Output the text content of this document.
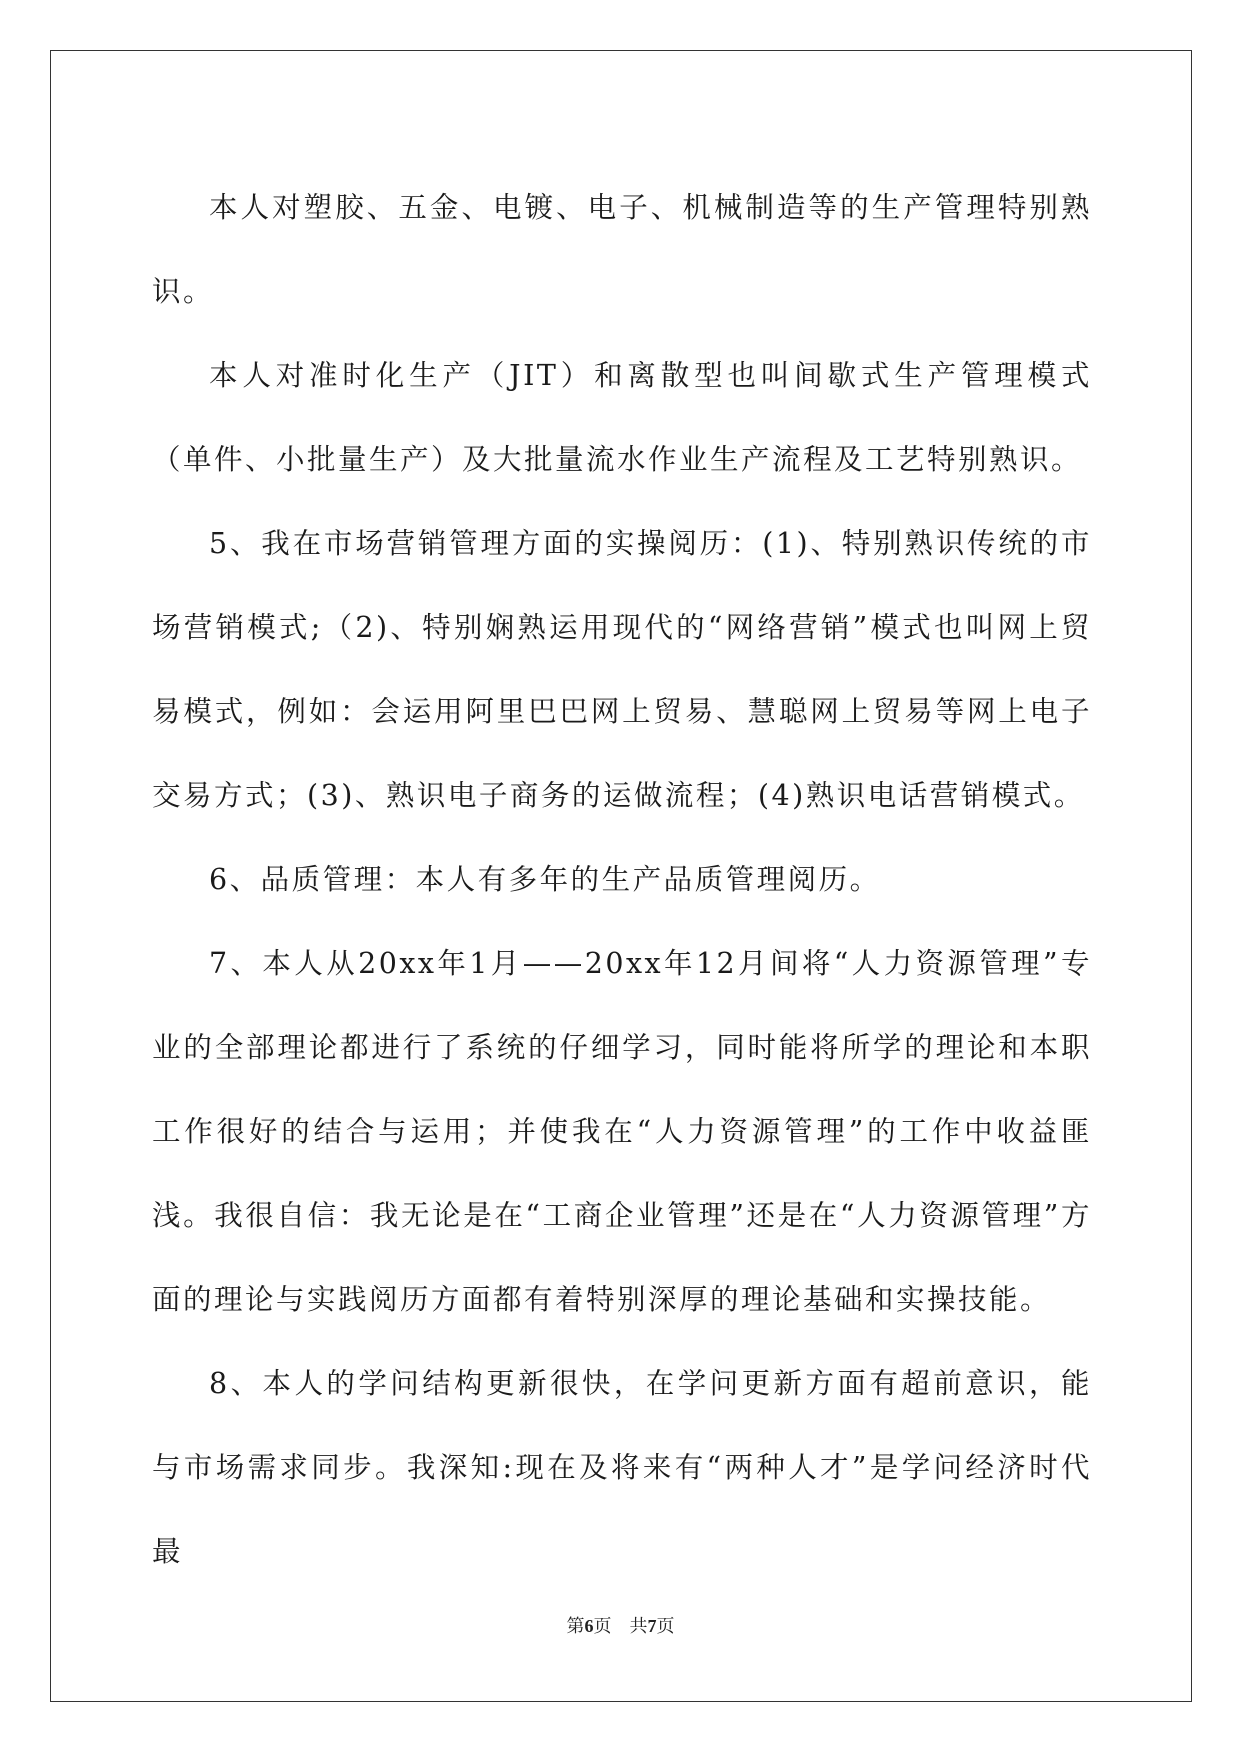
本人对塑胶、五金、电镀、电子、机械制造等的生产管理特别熟识。

本人对准时化生产（JIT）和离散型也叫间歇式生产管理模式（单件、小批量生产）及大批量流水作业生产流程及工艺特别熟识。

5、我在市场营销管理方面的实操阅历：(1)、特别熟识传统的市场营销模式;（2)、特别娴熟运用现代的“网络营销”模式也叫网上贸易模式，例如：会运用阿里巴巴网上贸易、慧聪网上贸易等网上电子交易方式；(3)、熟识电子商务的运做流程；(4)熟识电话营销模式。

6、品质管理：本人有多年的生产品质管理阅历。

7、本人从20xx年1月——20xx年12月间将“人力资源管理”专业的全部理论都进行了系统的仔细学习，同时能将所学的理论和本职工作很好的结合与运用；并使我在“人力资源管理”的工作中收益匪浅。我很自信：我无论是在“工商企业管理”还是在“人力资源管理”方面的理论与实践阅历方面都有着特别深厚的理论基础和实操技能。

8、本人的学问结构更新很快，在学问更新方面有超前意识，能与市场需求同步。我深知:现在及将来有“两种人才”是学问经济时代最

第6页 共7页
